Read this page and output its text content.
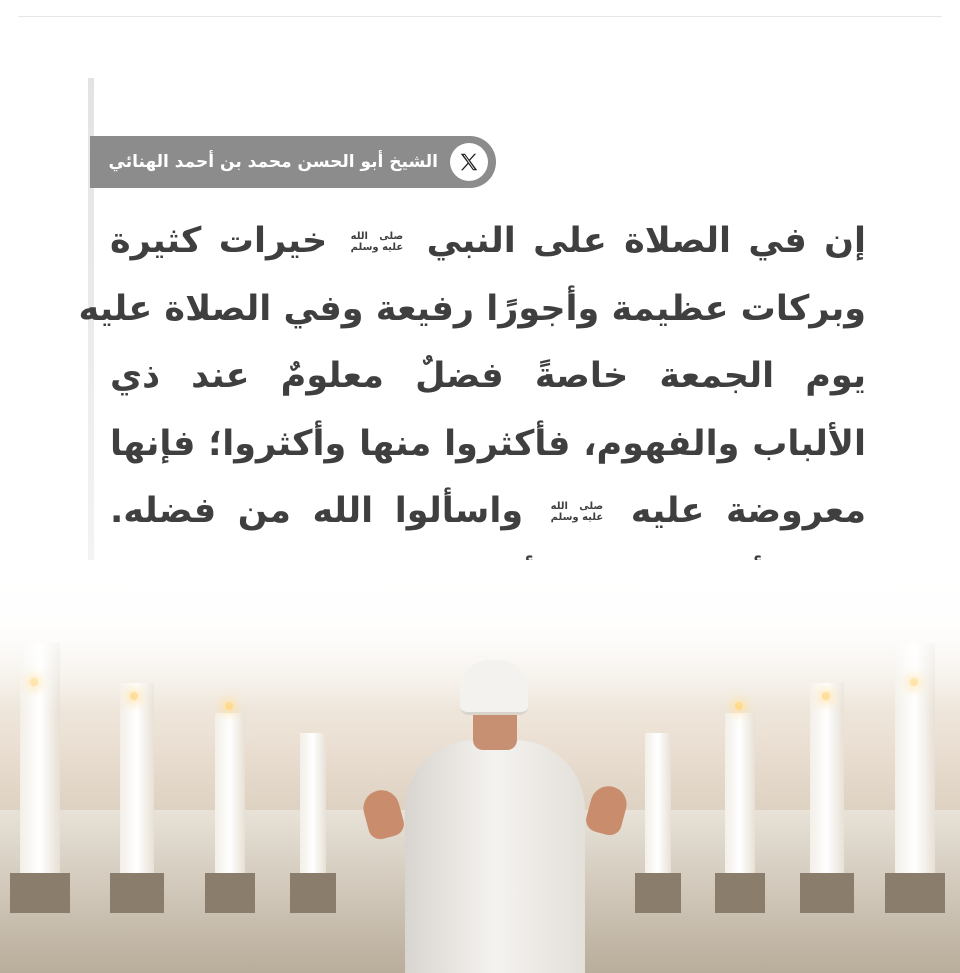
الشيخ أبو الحسن محمد بن أحمد الهنائي
إن في الصلاة على النبي صلى الله
عليه وسلم خيرات كثيرة
وبركات عظيمة وأجورًا رفيعة وفي الصلاة عليه
يوم الجمعة خاصةً فضلٌ معلومٌ عند ذي
الألباب والفهوم، فأكثروا منها وأكثروا؛ فإنها
معروضة عليه صلى الله
عليه وسلم واسألوا الله من فضله.
